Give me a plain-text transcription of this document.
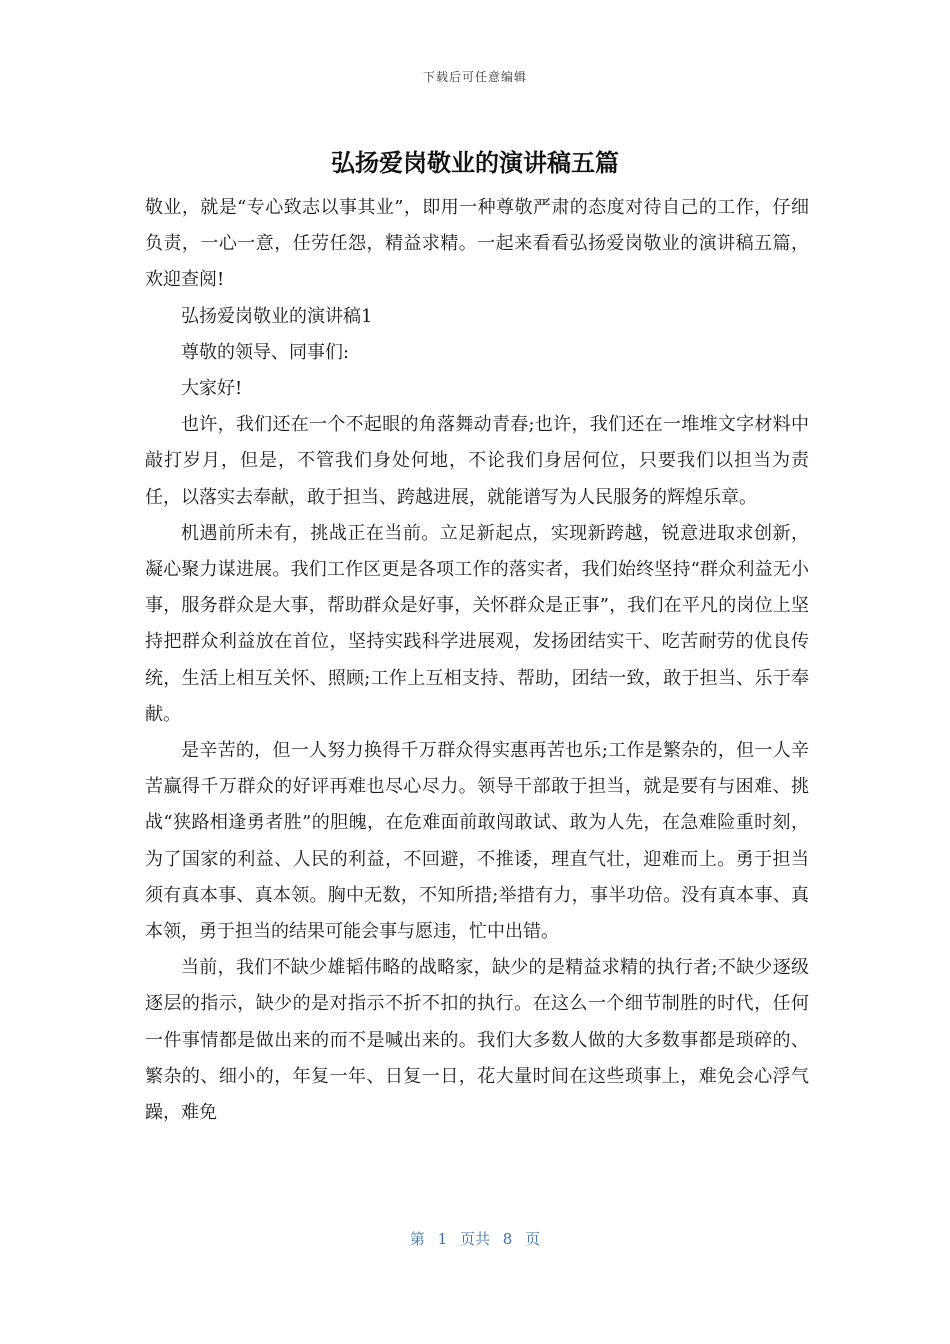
下载后可任意编辑
弘扬爱岗敬业的演讲稿五篇

敬业，就是“专心致志以事其业”，即用一种尊敬严肃的态度对待自己的工作，仔细负责，一心一意，任劳任怨，精益求精。一起来看看弘扬爱岗敬业的演讲稿五篇，欢迎查阅!

弘扬爱岗敬业的演讲稿1

尊敬的领导、同事们:

大家好!

也许，我们还在一个不起眼的角落舞动青春;也许，我们还在一堆堆文字材料中敲打岁月，但是，不管我们身处何地，不论我们身居何位，只要我们以担当为责任，以落实去奉献，敢于担当、跨越进展，就能谱写为人民服务的辉煌乐章。

机遇前所未有，挑战正在当前。立足新起点，实现新跨越，锐意进取求创新，凝心聚力谋进展。我们工作区更是各项工作的落实者，我们始终坚持“群众利益无小事，服务群众是大事，帮助群众是好事，关怀群众是正事”，我们在平凡的岗位上坚持把群众利益放在首位，坚持实践科学进展观，发扬团结实干、吃苦耐劳的优良传统，生活上相互关怀、照顾;工作上互相支持、帮助，团结一致，敢于担当、乐于奉献。

是辛苦的，但一人努力换得千万群众得实惠再苦也乐;工作是繁杂的，但一人辛苦赢得千万群众的好评再难也尽心尽力。领导干部敢于担当，就是要有与困难、挑战“狭路相逢勇者胜”的胆魄，在危难面前敢闯敢试、敢为人先，在急难险重时刻，为了国家的利益、人民的利益，不回避，不推诿，理直气壮，迎难而上。勇于担当须有真本事、真本领。胸中无数，不知所措;举措有力，事半功倍。没有真本事、真本领，勇于担当的结果可能会事与愿违，忙中出错。

当前，我们不缺少雄韬伟略的战略家，缺少的是精益求精的执行者;不缺少逐级逐层的指示，缺少的是对指示不折不扣的执行。在这么一个细节制胜的时代，任何一件事情都是做出来的而不是喊出来的。我们大多数人做的大多数事都是琐碎的、繁杂的、细小的，年复一年、日复一日，花大量时间在这些琐事上，难免会心浮气躁，难免

第 1 页共 8 页
